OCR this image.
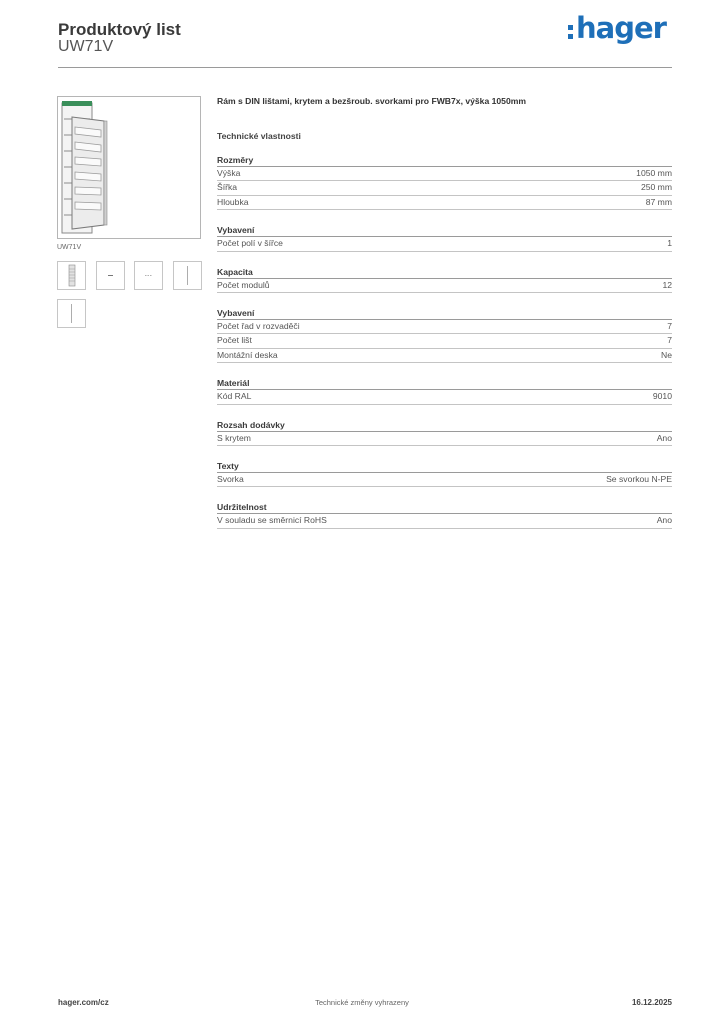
Produktový list
UW71V
hager
UW71V
Rám s DIN lištami, krytem a bezšroub. svorkami pro FWB7x, výška 1050mm
Technické vlastnosti
Rozměry
Výška	1050 mm
Šířka	250 mm
Hloubka	87 mm
Vybavení
Počet polí v šířce	1
Kapacita
Počet modulů	12
Vybavení
Počet řad v rozvaděči	7
Počet lišt	7
Montážní deska	Ne
Materiál
Kód RAL	9010
Rozsah dodávky
S krytem	Ano
Texty
Svorka	Se svorkou N-PE
Udržitelnost
V souladu se směrnicí RoHS	Ano
hager.com/cz	Technické změny vyhrazeny	16.12.2025
